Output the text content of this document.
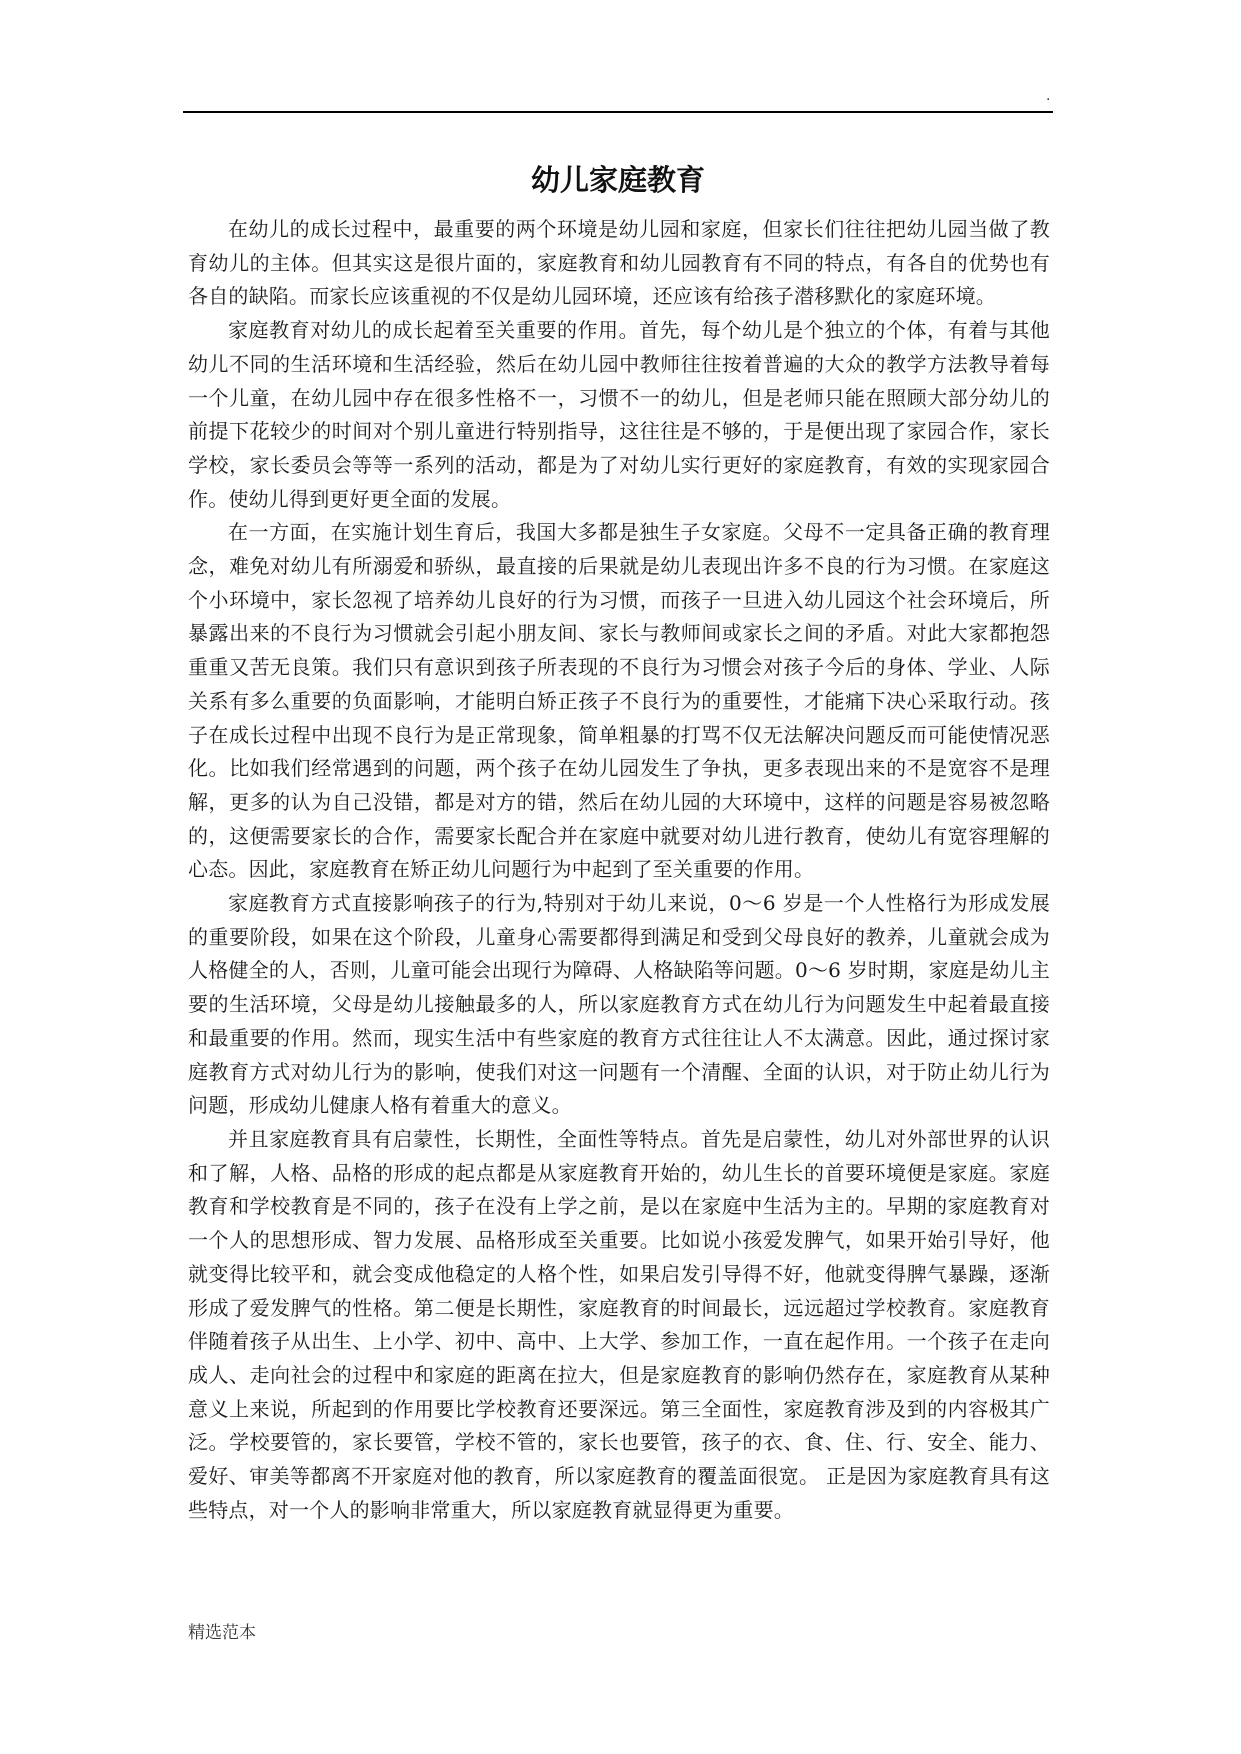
.
幼儿家庭教育

在幼儿的成长过程中，最重要的两个环境是幼儿园和家庭，但家长们往往把幼儿园当做了教育幼儿的主体。但其实这是很片面的，家庭教育和幼儿园教育有不同的特点，有各自的优势也有各自的缺陷。而家长应该重视的不仅是幼儿园环境，还应该有给孩子潜移默化的家庭环境。

家庭教育对幼儿的成长起着至关重要的作用。首先，每个幼儿是个独立的个体，有着与其他幼儿不同的生活环境和生活经验，然后在幼儿园中教师往往按着普遍的大众的教学方法教导着每一个儿童，在幼儿园中存在很多性格不一，习惯不一的幼儿，但是老师只能在照顾大部分幼儿的前提下花较少的时间对个别儿童进行特别指导，这往往是不够的，于是便出现了家园合作，家长学校，家长委员会等等一系列的活动，都是为了对幼儿实行更好的家庭教育，有效的实现家园合作。使幼儿得到更好更全面的发展。

在一方面，在实施计划生育后，我国大多都是独生子女家庭。父母不一定具备正确的教育理念，难免对幼儿有所溺爱和骄纵，最直接的后果就是幼儿表现出许多不良的行为习惯。在家庭这个小环境中，家长忽视了培养幼儿良好的行为习惯，而孩子一旦进入幼儿园这个社会环境后，所暴露出来的不良行为习惯就会引起小朋友间、家长与教师间或家长之间的矛盾。对此大家都抱怨重重又苦无良策。我们只有意识到孩子所表现的不良行为习惯会对孩子今后的身体、学业、人际关系有多么重要的负面影响，才能明白矫正孩子不良行为的重要性，才能痛下决心采取行动。孩子在成长过程中出现不良行为是正常现象，简单粗暴的打骂不仅无法解决问题反而可能使情况恶化。比如我们经常遇到的问题，两个孩子在幼儿园发生了争执，更多表现出来的不是宽容不是理解，更多的认为自己没错，都是对方的错，然后在幼儿园的大环境中，这样的问题是容易被忽略的，这便需要家长的合作，需要家长配合并在家庭中就要对幼儿进行教育，使幼儿有宽容理解的心态。因此，家庭教育在矫正幼儿问题行为中起到了至关重要的作用。

家庭教育方式直接影响孩子的行为,特别对于幼儿来说，0～6 岁是一个人性格行为形成发展的重要阶段，如果在这个阶段，儿童身心需要都得到满足和受到父母良好的教养，儿童就会成为人格健全的人，否则，儿童可能会出现行为障碍、人格缺陷等问题。0～6 岁时期，家庭是幼儿主要的生活环境，父母是幼儿接触最多的人，所以家庭教育方式在幼儿行为问题发生中起着最直接和最重要的作用。然而，现实生活中有些家庭的教育方式往往让人不太满意。因此，通过探讨家庭教育方式对幼儿行为的影响，使我们对这一问题有一个清醒、全面的认识，对于防止幼儿行为问题，形成幼儿健康人格有着重大的意义。

并且家庭教育具有启蒙性，长期性，全面性等特点。首先是启蒙性，幼儿对外部世界的认识和了解，人格、品格的形成的起点都是从家庭教育开始的，幼儿生长的首要环境便是家庭。家庭教育和学校教育是不同的，孩子在没有上学之前，是以在家庭中生活为主的。早期的家庭教育对一个人的思想形成、智力发展、品格形成至关重要。比如说小孩爱发脾气，如果开始引导好，他就变得比较平和，就会变成他稳定的人格个性，如果启发引导得不好，他就变得脾气暴躁，逐渐形成了爱发脾气的性格。第二便是长期性，家庭教育的时间最长，远远超过学校教育。家庭教育伴随着孩子从出生、上小学、初中、高中、上大学、参加工作，一直在起作用。一个孩子在走向成人、走向社会的过程中和家庭的距离在拉大，但是家庭教育的影响仍然存在，家庭教育从某种意义上来说，所起到的作用要比学校教育还要深远。第三全面性，家庭教育涉及到的内容极其广泛。学校要管的，家长要管，学校不管的，家长也要管，孩子的衣、食、住、行、安全、能力、爱好、审美等都离不开家庭对他的教育，所以家庭教育的覆盖面很宽。 正是因为家庭教育具有这些特点，对一个人的影响非常重大，所以家庭教育就显得更为重要。

精选范本
